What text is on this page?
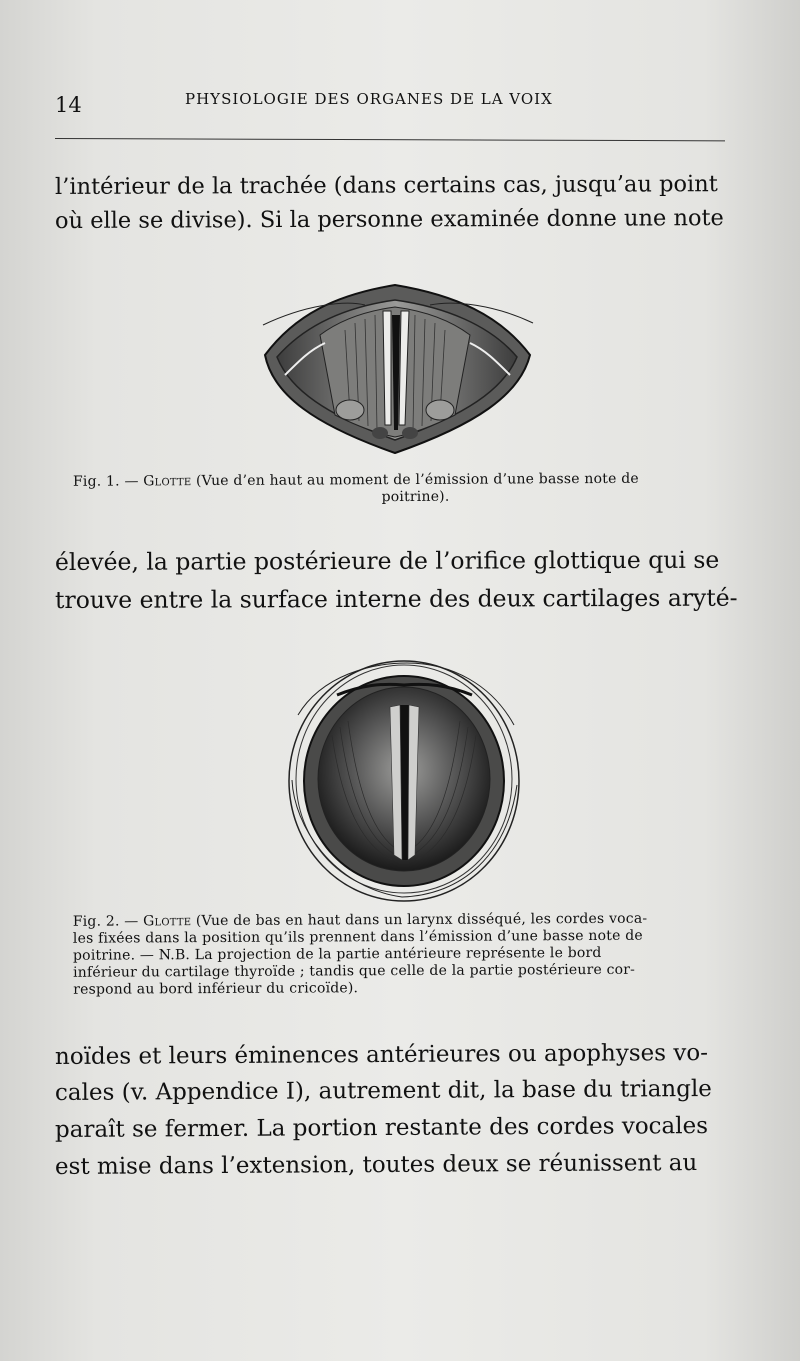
14	PHYSIOLOGIE DES ORGANES DE LA VOIX
l’intérieur de la trachée (dans certains cas, jusqu’au point
où elle se divise). Si la personne examinée donne une note

Fig. 1. — Glotte (Vue d’en haut au moment de l’émission d’une basse note de

poitrine).

élevée, la partie postérieure de l’orifice glottique qui se
trouve entre la surface interne des deux cartilages aryté-

Fig. 2. — Glotte (Vue de bas en haut dans un larynx disséqué, les cordes voca-

les fixées dans la position qu’ils prennent dans l’émission d’une basse note de

poitrine. — N.B. La projection de la partie antérieure représente le bord

inférieur du cartilage thyroïde ; tandis que celle de la partie postérieure cor-

respond au bord inférieur du cricoïde).

noïdes et leurs éminences antérieures ou apophyses vo-
cales (v. Appendice I), autrement dit, la base du triangle
paraît se fermer. La portion restante des cordes vocales
est mise dans l’extension, toutes deux se réunissent au
